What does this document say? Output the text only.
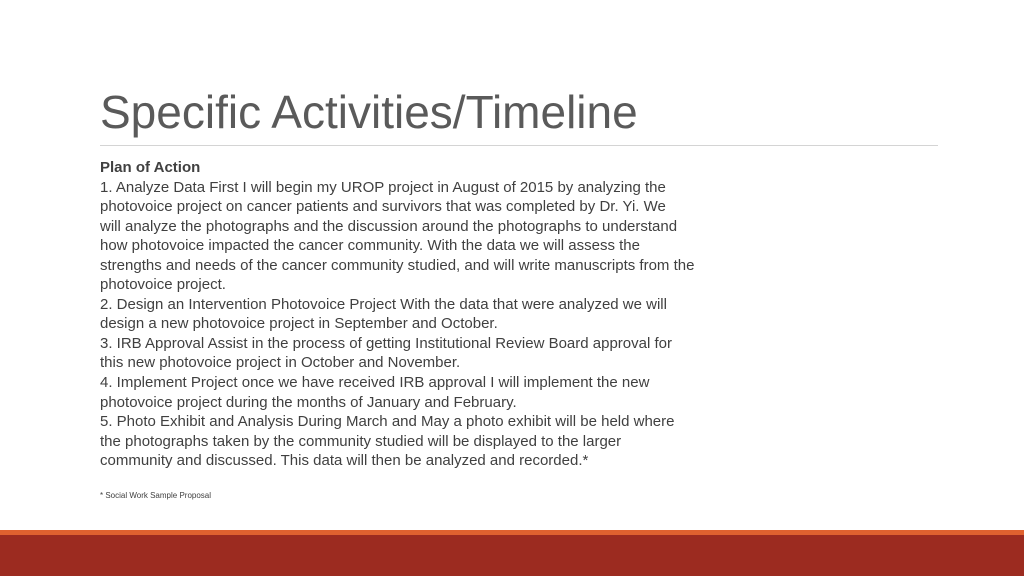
Specific Activities/Timeline
Plan of Action
1. Analyze Data First I will begin my UROP project in August of 2015 by analyzing the
photovoice project on cancer patients and survivors that was completed by Dr. Yi. We
will analyze the photographs and the discussion around the photographs to understand
how photovoice impacted the cancer community. With the data we will assess the
strengths and needs of the cancer community studied, and will write manuscripts from the
photovoice project.
2. Design an Intervention Photovoice Project With the data that were analyzed we will
design a new photovoice project in September and October.
3. IRB Approval Assist in the process of getting Institutional Review Board approval for
this new photovoice project in October and November.
4. Implement Project once we have received IRB approval I will implement the new
photovoice project during the months of January and February.
5. Photo Exhibit and Analysis During March and May a photo exhibit will be held where
the photographs taken by the community studied will be displayed to the larger
community and discussed. This data will then be analyzed and recorded.*
* Social Work Sample Proposal
